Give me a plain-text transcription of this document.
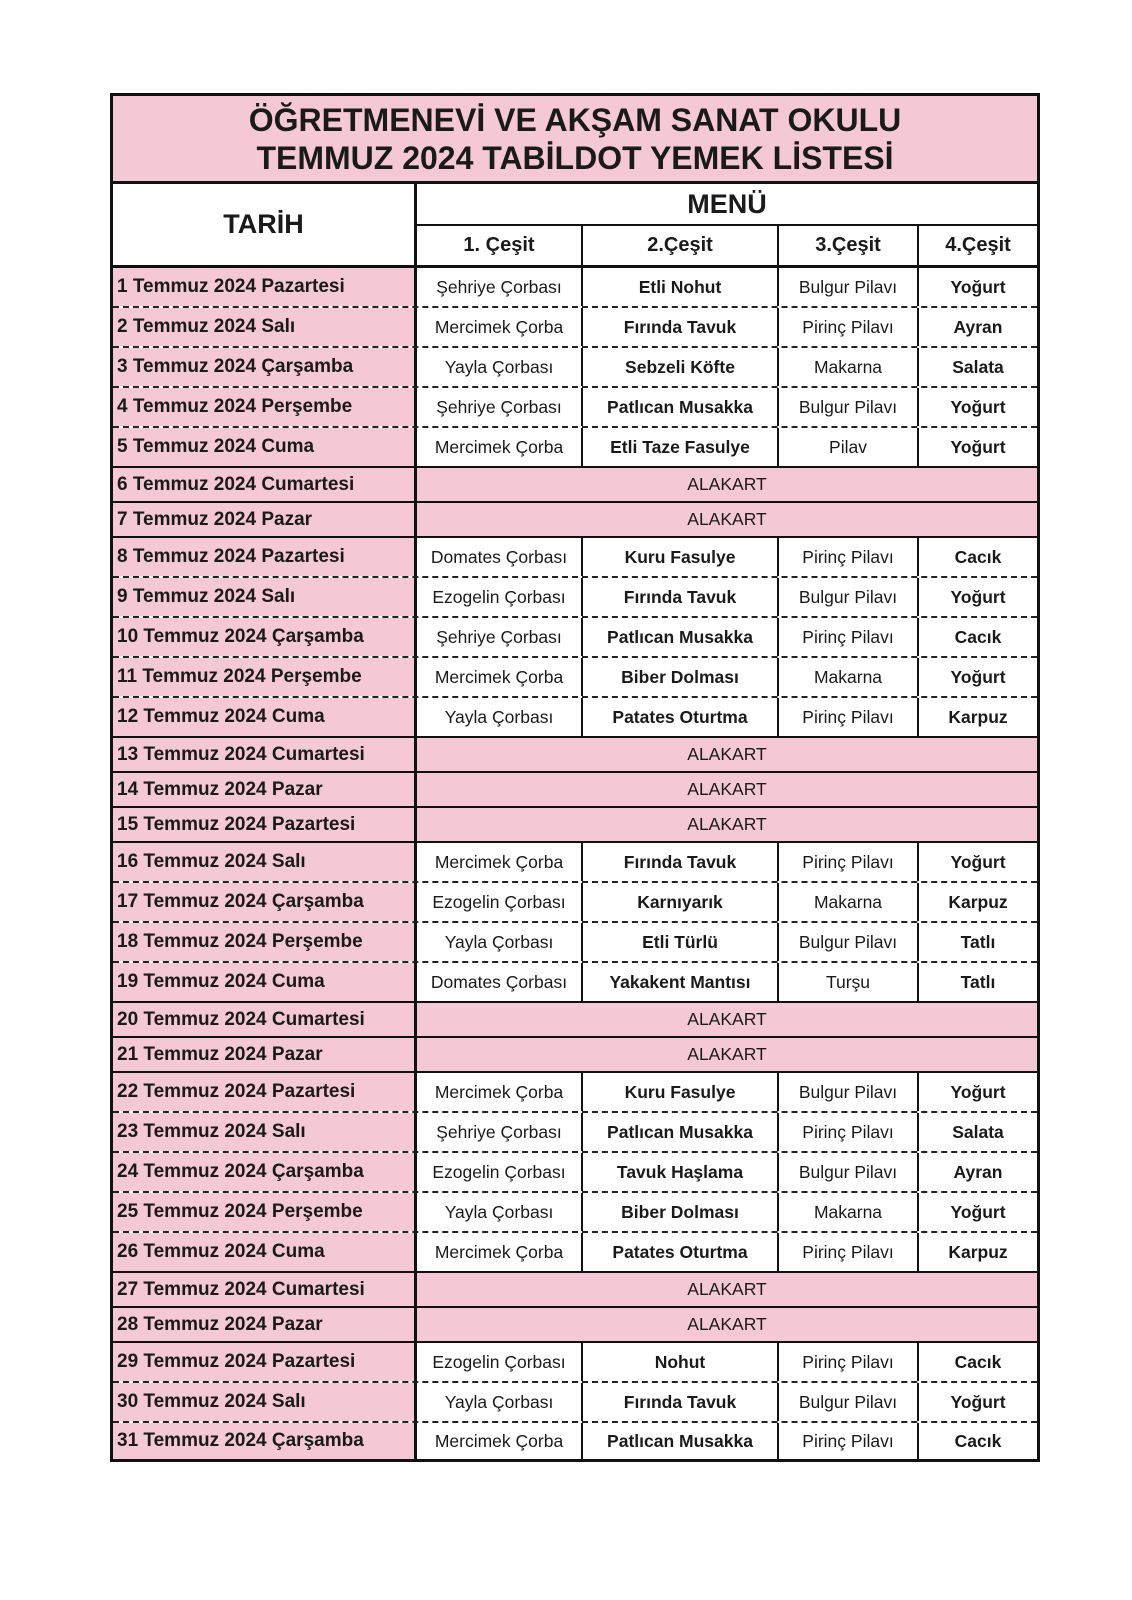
ÖĞRETMENEVİ VE AKŞAM SANAT OKULU
TEMMUZ 2024 TABİLDOT YEMEK LİSTESİ
TARİH
MENÜ
1. Çeşit	2.Çeşit	3.Çeşit	4.Çeşit
1 Temmuz 2024 Pazartesi	Şehriye Çorbası	Etli Nohut	Bulgur Pilavı	Yoğurt
2 Temmuz 2024 Salı	Mercimek Çorba	Fırında Tavuk	Pirinç Pilavı	Ayran
3 Temmuz 2024 Çarşamba	Yayla Çorbası	Sebzeli Köfte	Makarna	Salata
4 Temmuz 2024 Perşembe	Şehriye Çorbası	Patlıcan Musakka	Bulgur Pilavı	Yoğurt
5 Temmuz 2024 Cuma	Mercimek Çorba	Etli Taze Fasulye	Pilav	Yoğurt
6 Temmuz 2024 Cumartesi	ALAKART
7 Temmuz 2024 Pazar	ALAKART
8 Temmuz 2024 Pazartesi	Domates Çorbası	Kuru Fasulye	Pirinç Pilavı	Cacık
9 Temmuz 2024 Salı	Ezogelin Çorbası	Fırında Tavuk	Bulgur Pilavı	Yoğurt
10 Temmuz 2024 Çarşamba	Şehriye Çorbası	Patlıcan Musakka	Pirinç Pilavı	Cacık
11 Temmuz 2024 Perşembe	Mercimek Çorba	Biber Dolması	Makarna	Yoğurt
12 Temmuz 2024 Cuma	Yayla Çorbası	Patates Oturtma	Pirinç Pilavı	Karpuz
13 Temmuz 2024 Cumartesi	ALAKART
14 Temmuz 2024 Pazar	ALAKART
15 Temmuz 2024 Pazartesi	ALAKART
16 Temmuz 2024 Salı	Mercimek Çorba	Fırında Tavuk	Pirinç Pilavı	Yoğurt
17 Temmuz 2024 Çarşamba	Ezogelin Çorbası	Karnıyarık	Makarna	Karpuz
18 Temmuz 2024 Perşembe	Yayla Çorbası	Etli Türlü	Bulgur Pilavı	Tatlı
19 Temmuz 2024 Cuma	Domates Çorbası	Yakakent Mantısı	Turşu	Tatlı
20 Temmuz 2024 Cumartesi	ALAKART
21 Temmuz 2024 Pazar	ALAKART
22 Temmuz 2024 Pazartesi	Mercimek Çorba	Kuru Fasulye	Bulgur Pilavı	Yoğurt
23 Temmuz 2024 Salı	Şehriye Çorbası	Patlıcan Musakka	Pirinç Pilavı	Salata
24 Temmuz 2024 Çarşamba	Ezogelin Çorbası	Tavuk Haşlama	Bulgur Pilavı	Ayran
25 Temmuz 2024 Perşembe	Yayla Çorbası	Biber Dolması	Makarna	Yoğurt
26 Temmuz 2024 Cuma	Mercimek Çorba	Patates Oturtma	Pirinç Pilavı	Karpuz
27 Temmuz 2024 Cumartesi	ALAKART
28 Temmuz 2024 Pazar	ALAKART
29 Temmuz 2024 Pazartesi	Ezogelin Çorbası	Nohut	Pirinç Pilavı	Cacık
30 Temmuz 2024 Salı	Yayla Çorbası	Fırında Tavuk	Bulgur Pilavı	Yoğurt
31 Temmuz 2024 Çarşamba	Mercimek Çorba	Patlıcan Musakka	Pirinç Pilavı	Cacık
